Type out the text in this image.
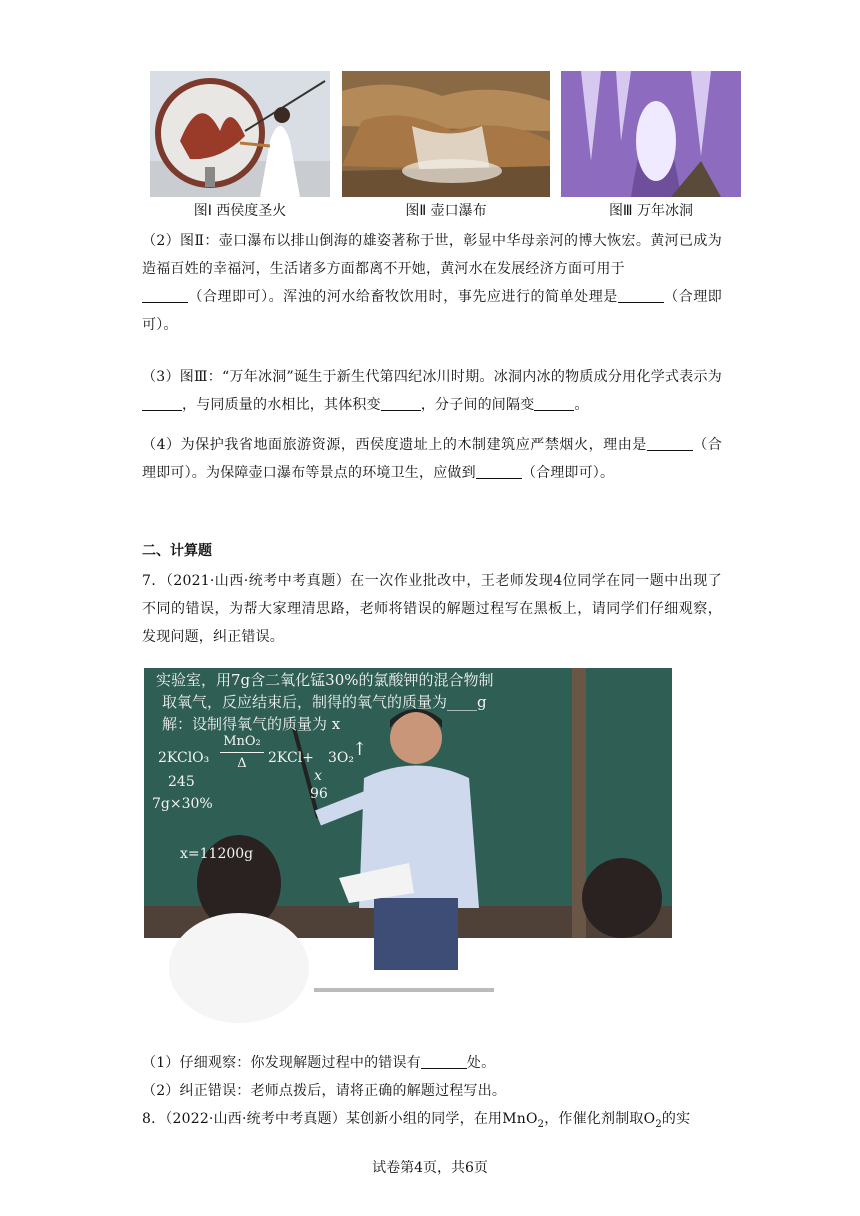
图Ⅰ 西侯度圣火	图Ⅱ 壶口瀑布	图Ⅲ 万年冰洞
（2）图Ⅱ：壶口瀑布以排山倒海的雄姿著称于世，彰显中华母亲河的博大恢宏。黄河已成为造福百姓的幸福河，生活诸多方面都离不开她，黄河水在发展经济方面可用于
（合理即可）。浑浊的河水给畜牧饮用时，事先应进行的简单处理是	（合理即可）。
（3）图Ⅲ：“万年冰洞”诞生于新生代第四纪冰川时期。冰洞内冰的物质成分用化学式表示为，与同质量的水相比，其体积变	，分子间的间隔变	。
（4）为保护我省地面旅游资源，西侯度遗址上的木制建筑应严禁烟火，理由是	（合理即可）。为保障壶口瀑布等景点的环境卫生，应做到	（合理即可）。
二、计算题
7．（2021·山西·统考中考真题）在一次作业批改中，王老师发现4位同学在同一题中出现了不同的错误，为帮大家理清思路，老师将错误的解题过程写在黑板上，请同学们仔细观察，发现问题，纠正错误。
实验室，用7g含二氧化锰30%的氯酸钾的混合物制
取氧气，反应结束后，制得的氧气的质量为____g
解：设制得氧气的质量为 x
2KClO₃
MnO₂
Δ	2KCl+ 3O₂
↑
245	x
96
7g×30%
x=11200g
（1）仔细观察：你发现解题过程中的错误有	处。
（2）纠正错误：老师点拨后，请将正确的解题过程写出。
8．（2022·山西·统考中考真题）某创新小组的同学，在用MnO$_2$，作催化剂制取$O_2$的实
试卷第4页，共6页
